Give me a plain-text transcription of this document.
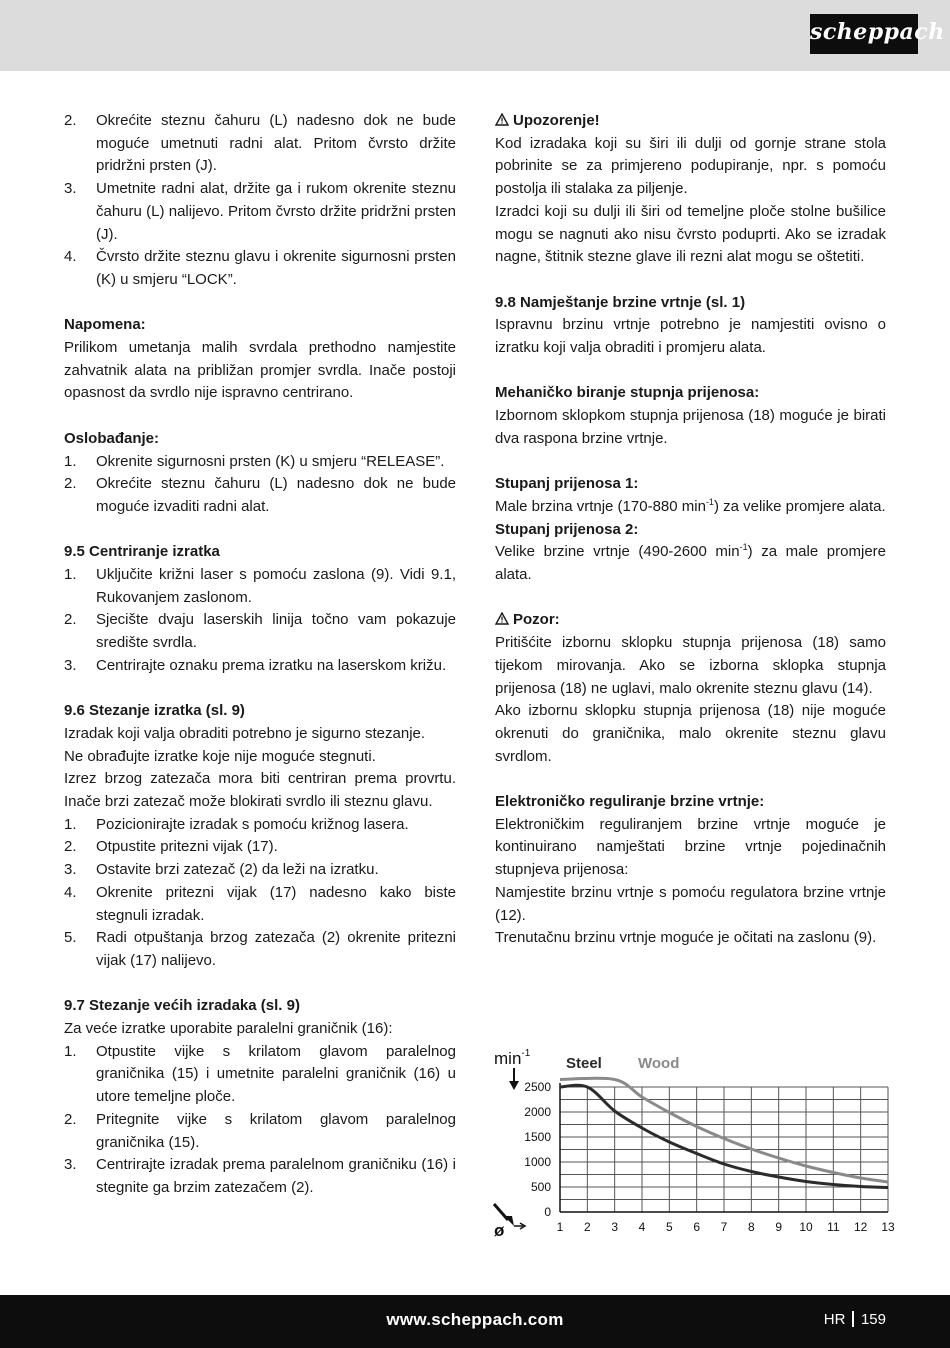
scheppach

2. Okrećite steznu čahuru (L) nadesno dok ne bude moguće umetnuti radni alat. Pritom čvrsto držite pridržni prsten (J).

3. Umetnite radni alat, držite ga i rukom okrenite steznu čahuru (L) nalijevo. Pritom čvrsto držite pridržni prsten (J).

4. Čvrsto držite steznu glavu i okrenite sigurnosni prsten (K) u smjeru “LOCK”.

Napomena:

Prilikom umetanja malih svrdala prethodno namjestite zahvatnik alata na približan promjer svrdla. Inače postoji opasnost da svrdlo nije ispravno centrirano.

Oslobađanje:

1. Okrenite sigurnosni prsten (K) u smjeru “RELEASE”.

2. Okrećite steznu čahuru (L) nadesno dok ne bude moguće izvaditi radni alat.

9.5 Centriranje izratka

1. Uključite križni laser s pomoću zaslona (9). Vidi 9.1, Rukovanjem zaslonom.

2. Sjecište dvaju laserskih linija točno vam pokazuje središte svrdla.

3. Centrirajte oznaku prema izratku na laserskom križu.

9.6 Stezanje izratka (sl. 9)

Izradak koji valja obraditi potrebno je sigurno stezanje.

Ne obrađujte izratke koje nije moguće stegnuti.

Izrez brzog zatezača mora biti centriran prema provrtu. Inače brzi zatezač može blokirati svrdlo ili steznu glavu.

1. Pozicionirajte izradak s pomoću križnog lasera.

2. Otpustite pritezni vijak (17).

3. Ostavite brzi zatezač (2) da leži na izratku.

4. Okrenite pritezni vijak (17) nadesno kako biste stegnuli izradak.

5. Radi otpuštanja brzog zatezača (2) okrenite pritezni vijak (17) nalijevo.

9.7 Stezanje većih izradaka (sl. 9)

Za veće izratke uporabite paralelni graničnik (16):

1. Otpustite vijke s krilatom glavom paralelnog graničnika (15) i umetnite paralelni graničnik (16) u utore temeljne ploče.

2. Pritegnite vijke s krilatom glavom paralelnog graničnika (15).

3. Centrirajte izradak prema paralelnom graničniku (16) i stegnite ga brzim zatezačem (2).

Upozorenje!

Kod izradaka koji su širi ili dulji od gornje strane stola pobrinite se za primjereno podupiranje, npr. s pomoću postolja ili stalaka za piljenje.

Izradci koji su dulji ili širi od temeljne ploče stolne bušilice mogu se nagnuti ako nisu čvrsto poduprti. Ako se izradak nagne, štitnik stezne glave ili rezni alat mogu se oštetiti.

9.8 Namještanje brzine vrtnje (sl. 1)

Ispravnu brzinu vrtnje potrebno je namjestiti ovisno o izratku koji valja obraditi i promjeru alata.

Mehaničko biranje stupnja prijenosa:

Izbornom sklopkom stupnja prijenosa (18) moguće je birati dva raspona brzine vrtnje.

Stupanj prijenosa 1:

Male brzina vrtnje (170-880 $\min^{-1}$) za velike promjere alata.

Stupanj prijenosa 2:

Velike brzine vrtnje (490-2600 $\min^{-1}$) za male promjere alata.

Pozor:

Pritišćite izbornu sklopku stupnja prijenosa (18) samo tijekom mirovanja. Ako se izborna sklopka stupnja prijenosa (18) ne uglavi, malo okrenite steznu glavu (14).

Ako izbornu sklopku stupnja prijenosa (18) nije moguće okrenuti do graničnika, malo okrenite steznu glavu svrdlom.

Elektroničko reguliranje brzine vrtnje:

Elektroničkim reguliranjem brzine vrtnje moguće je kontinuirano namještati brzine vrtnje pojedinačnih stupnjeva prijenosa:

Namjestite brzinu vrtnje s pomoću regulatora brzine vrtnje (12).

Trenutačnu brzinu vrtnje moguće je očitati na zaslonu (9).

$\min^{-1}$
ø
Steel Wood
1 2 3 4 5 6 7 8 9 10 11 12 13
0
500
1000
1500
2000
2500
www.scheppach.com	HR 159
